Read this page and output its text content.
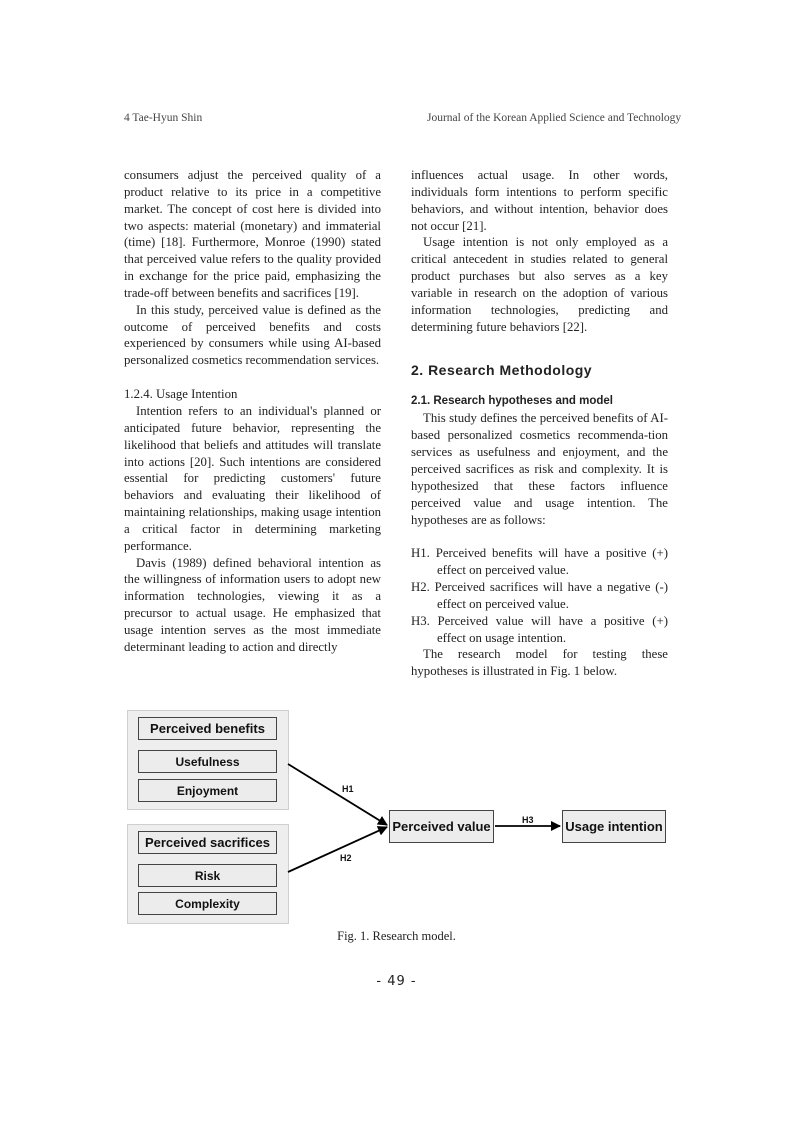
4 Tae-Hyun Shin	Journal of the Korean Applied Science and Technology

consumers adjust the perceived quality of a product relative to its price in a competitive market. The concept of cost here is divided into two aspects: material (monetary) and immaterial (time) [18]. Furthermore, Monroe (1990) stated that perceived value refers to the quality provided in exchange for the price paid, emphasizing the trade-off between benefits and sacrifices [19].

In this study, perceived value is defined as the outcome of perceived benefits and costs experienced by consumers while using AI-based personalized cosmetics recommendation services.

1.2.4. Usage Intention

Intention refers to an individual's planned or anticipated future behavior, representing the likelihood that beliefs and attitudes will translate into actions [20]. Such intentions are considered essential for predicting customers' future behaviors and evaluating their likelihood of maintaining relationships, making usage intention a critical factor in determining marketing performance.

Davis (1989) defined behavioral intention as the willingness of information users to adopt new information technologies, viewing it as a precursor to actual usage. He emphasized that usage intention serves as the most immediate determinant leading to action and directly

influences actual usage. In other words, individuals form intentions to perform specific behaviors, and without intention, behavior does not occur [21].

Usage intention is not only employed as a critical antecedent in studies related to general product purchases but also serves as a key variable in research on the adoption of various information technologies, predicting and determining future behaviors [22].

2. Research Methodology

2.1. Research hypotheses and model

This study defines the perceived benefits of AI-based personalized cosmetics recommenda-tion services as usefulness and enjoyment, and the perceived sacrifices as risk and complexity. It is hypothesized that these factors influence perceived value and usage intention. The hypotheses are as follows:

H1. Perceived benefits will have a positive (+) effect on perceived value.

H2. Perceived sacrifices will have a negative (-) effect on perceived value.

H3. Perceived value will have a positive (+) effect on usage intention.

The research model for testing these hypotheses is illustrated in Fig. 1 below.

Perceived benefits
Usefulness
Enjoyment
Perceived sacrifices
Risk
Complexity
Perceived value	Usage intention
H1
H2
H3
Fig. 1. Research model.
- 49 -
